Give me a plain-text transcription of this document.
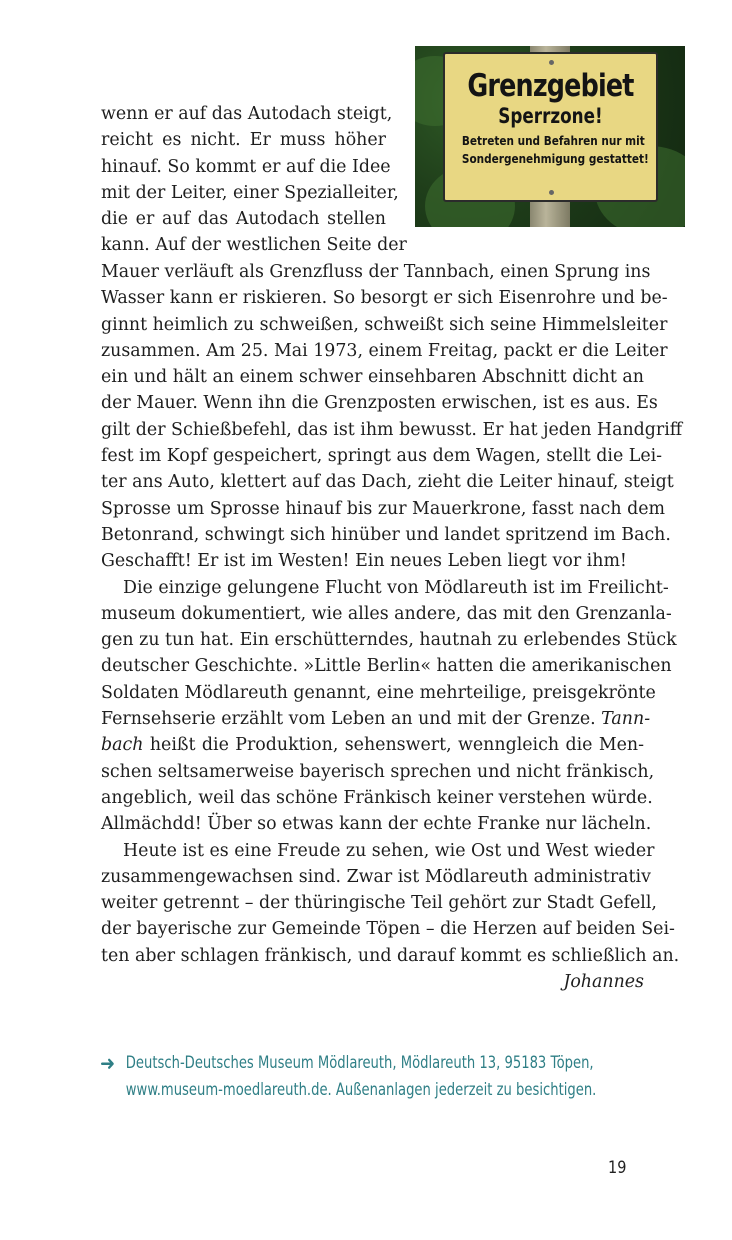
Grenzgebiet
Sperrzone!
Betreten und Befahren nur mit
Sondergenehmigung gestattet!
wenn er auf das Autodach steigt,
reicht es nicht. Er muss höher
hinauf. So kommt er auf die Idee
mit der Leiter, einer Spezialleiter,
die er auf das Autodach stellen
kann. Auf der westlichen Seite der
Mauer verläuft als Grenzfluss der Tannbach, einen Sprung ins
Wasser kann er riskieren. So besorgt er sich Eisenrohre und be-
ginnt heimlich zu schweißen, schweißt sich seine Himmelsleiter
zusammen. Am 25. Mai 1973, einem Freitag, packt er die Leiter
ein und hält an einem schwer einsehbaren Abschnitt dicht an
der Mauer. Wenn ihn die Grenzposten erwischen, ist es aus. Es
gilt der Schießbefehl, das ist ihm bewusst. Er hat jeden Handgriff
fest im Kopf gespeichert, springt aus dem Wagen, stellt die Lei-
ter ans Auto, klettert auf das Dach, zieht die Leiter hinauf, steigt
Sprosse um Sprosse hinauf bis zur Mauerkrone, fasst nach dem
Betonrand, schwingt sich hinüber und landet spritzend im Bach.
Geschafft! Er ist im Westen! Ein neues Leben liegt vor ihm!
Die einzige gelungene Flucht von Mödlareuth ist im Freilicht-
museum dokumentiert, wie alles andere, das mit den Grenzanla-
gen zu tun hat. Ein erschütterndes, hautnah zu erlebendes Stück
deutscher Geschichte. »Little Berlin« hatten die amerikanischen
Soldaten Mödlareuth genannt, eine mehrteilige, preisgekrönte
Fernsehserie erzählt vom Leben an und mit der Grenze. Tann-
bach heißt die Produktion, sehenswert, wenngleich die Men-
schen seltsamerweise bayerisch sprechen und nicht fränkisch,
angeblich, weil das schöne Fränkisch keiner verstehen würde.
Allmächdd! Über so etwas kann der echte Franke nur lächeln.
Heute ist es eine Freude zu sehen, wie Ost und West wieder
zusammengewachsen sind. Zwar ist Mödlareuth administrativ
weiter getrennt – der thüringische Teil gehört zur Stadt Gefell,
der bayerische zur Gemeinde Töpen – die Herzen auf beiden Sei-
ten aber schlagen fränkisch, und darauf kommt es schließlich an.
Johannes
➜ Deutsch-Deutsches Museum Mödlareuth, Mödlareuth 13, 95183 Töpen,
www.museum-moedlareuth.de. Außenanlagen jederzeit zu besichtigen.
19
